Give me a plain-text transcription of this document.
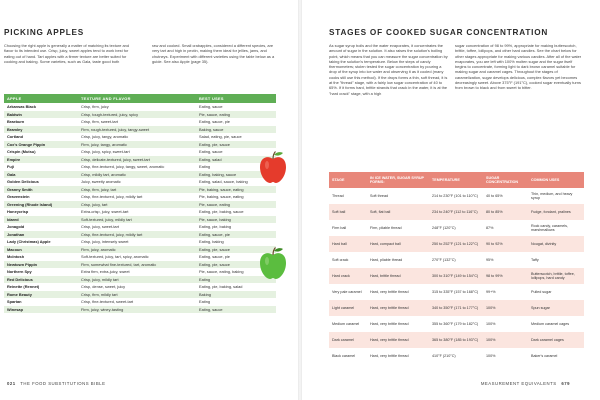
PICKING APPLES

Choosing the right apple is generally a matter of matching its texture and flavor to its intended use. Crisp, juicy, sweet apples tend to work best for eating out of hand. Tart apples with a firmer texture are better suited for cooking and baking. Some varieties, such as Gala, taste good both

raw and cooked. Small crabapples, considered a different species, are very tart and high in pectin, making them ideal for jellies, jams, and chutneys. Experiment with different varieties using the table below as a guide. See also Apple (page 35).

APPLE	TEXTURE AND FLAVOR	BEST USES
Arkansas Black	Crisp, firm, juicy	Eating, sauce
Baldwin	Crisp, tough-textured, juicy, spicy	Pie, sauce, eating
Braeburn	Crisp, firm, sweet-tart	Eating, sauce, pie
Bramley	Firm, rough-textured, juicy, tangy-sweet	Baking, sauce
Cortland	Crisp, juicy, tangy, aromatic	Salad, eating, pie, sauce
Cox's Orange Pippin	Firm, juicy, tangy, aromatic	Eating, pie, sauce
Crispin (Mutsu)	Crisp, juicy, spicy, sweet-tart	Eating, sauce
Empire	Crisp, delicate-textured, juicy, sweet-tart	Eating, salad
Fuji	Crisp, fine-textured, juicy, tangy, sweet, aromatic	Eating
Gala	Crisp, mildly tart, aromatic	Eating, baking, sauce
Golden Delicious	Juicy, sweetly aromatic	Eating, salad, sauce, baking
Granny Smith	Crisp, firm, juicy, tart	Pie, baking, sauce, eating
Gravenstein	Crisp, fine-textured, juicy, mildly tart	Pie, baking, sauce, eating
Greening (Rhode Island)	Crisp, juicy, tart	Pie, sauce, eating
Honeycrisp	Extra-crisp, juicy, sweet-tart	Eating, pie, baking, sauce
Idared	Soft-textured, juicy, mildly tart	Pie, sauce, baking
Jonagold	Crisp, juicy, sweet-tart	Eating, pie, baking
Jonathan	Crisp, fine-textured, juicy, mildly tart	Eating, sauce, pie
Lady (Christmas) Apple	Crisp, juicy, intensely sweet	Eating, baking
Macoun	Firm, juicy, aromatic	Eating, pie, sauce
McIntosh	Soft-textured, juicy, tart, spicy, aromatic	Eating, sauce, pie
Newtown Pippin	Firm, somewhat fine-textured, tart, aromatic	Eating, pie, sauce
Northern Spy	Extra firm, extra-juicy, sweet	Pie, sauce, eating, baking
Red Delicious	Crisp, juicy, mildly tart	Eating
Reinette (Rennet)	Crisp, dense, sweet, juicy	Eating, pie, baking, salad
Rome Beauty	Crisp, firm, mildly tart	Baking
Spartan	Crisp, fine-textured, sweet-tart	Eating
Winesap	Firm, juicy, winey-tasting	Eating, sauce
021 THE FOOD SUBSTITUTIONS BIBLE
STAGES OF COOKED SUGAR CONCENTRATION

As sugar syrup boils and the water evaporates, it concentrates the amount of sugar in the solution. It also raises the solution's boiling point, which means that you can measure the sugar concentration by taking the solution's temperature. Below the steps of candy thermometers; stolen tested the sugar concentration by pouring a drop of the syrup into ice water and observing it as it cooled (many cooks still use this method). If the drops forms a thin, soft thread, it is at the "thread" stage, with a fairly low sugar concentration of 40 to 65%. If it forms hard, brittle strands that crack in the water, it is at the "hard crack" stage, with a high

sugar concentration of 98 to 99%, appropriate for making butterscotch, brittle, toffee, lollipops, and other hard candies. See the chart below for other stages appropriate for making various candies. After all of the water evaporates, you are left with 100% molten sugar and the sugar itself begins to concentrate, forming light to dark brown caramel suitable for making sugar and caramel cages. Throughout the stages of caramelization, sugar develops delicious, complex flavors yet becomes decreasingly sweet. Above 375°F (191°C), cooked sugar eventually turns from brown to black and from sweet to bitter.

STAGE	IN ICE WATER, SUGAR SYRUP FORMS:	TEMPERATURE	SUGAR CONCENTRATION	COMMON USES
Thread	Soft thread	214 to 230°F (101 to 110°C)	40 to 65%	Thin, medium, and heavy syrup
Soft ball	Soft, flat ball	234 to 240°F (112 to 116°C)	80 to 85%	Fudge, fondant, pralines
Firm ball	Firm, pliable thread	248°F (120°C)	87%	Rock candy, caramels, marshmallows
Hard ball	Hard, compact ball	250 to 252°F (121 to 122°C)	90 to 92%	Nougat, divinity
Soft crack	Hard, pliable thread	270°F (132°C)	95%	Taffy
Hard crack	Hard, brittle thread	300 to 310°F (149 to 154°C)	98 to 99%	Butterscotch, brittle, toffee, lollipops, hard candy
Very pale caramel	Hard, very brittle thread	315 to 335°F (157 to 168°C)	99+%	Pulled sugar
Light caramel	Hard, very brittle thread	340 to 350°F (171 to 177°C)	100%	Spun sugar
Medium caramel	Hard, very brittle thread	355 to 360°F (179 to 182°C)	100%	Medium caramel cages
Dark caramel	Hard, very brittle thread	365 to 380°F (185 to 193°C)	100%	Dark caramel cages
Black caramel	Hard, very brittle thread	410°F (210°C)	100%	Baker's caramel
MEASUREMENT EQUIVALENTS 679
